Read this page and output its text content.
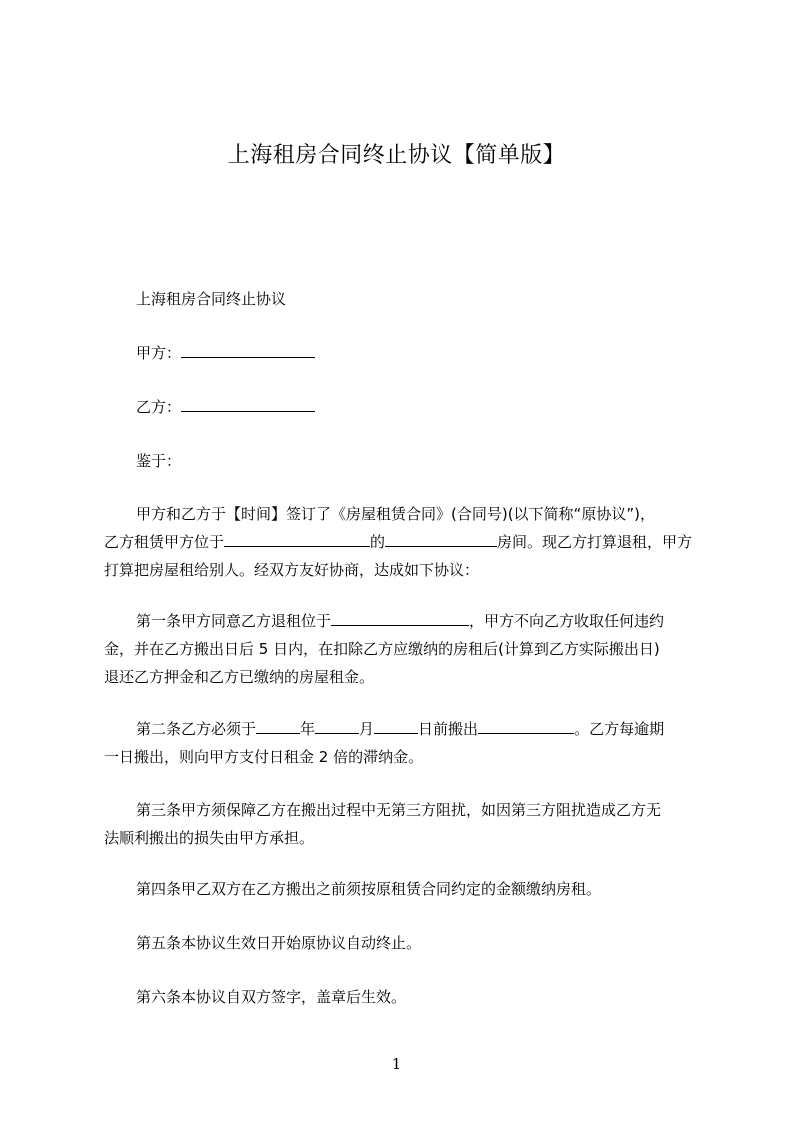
上海租房合同终止协议【简单版】
上海租房合同终止协议
甲方：
乙方：
鉴于：
甲方和乙方于【时间】签订了《房屋租赁合同》(合同号)(以下简称“原协议”)，
乙方租赁甲方位于	的	房间。现乙方打算退租，甲方
打算把房屋租给别人。经双方友好协商，达成如下协议：
第一条甲方同意乙方退租位于	，甲方不向乙方收取任何违约
金，并在乙方搬出日后 5 日内，在扣除乙方应缴纳的房租后(计算到乙方实际搬出日)
退还乙方押金和乙方已缴纳的房屋租金。
第二条乙方必须于	年	月	日前搬出	。乙方每逾期
一日搬出，则向甲方支付日租金 2 倍的滞纳金。
第三条甲方须保障乙方在搬出过程中无第三方阻扰，如因第三方阻扰造成乙方无
法顺利搬出的损失由甲方承担。
第四条甲乙双方在乙方搬出之前须按原租赁合同约定的金额缴纳房租。
第五条本协议生效日开始原协议自动终止。
第六条本协议自双方签字，盖章后生效。
1
